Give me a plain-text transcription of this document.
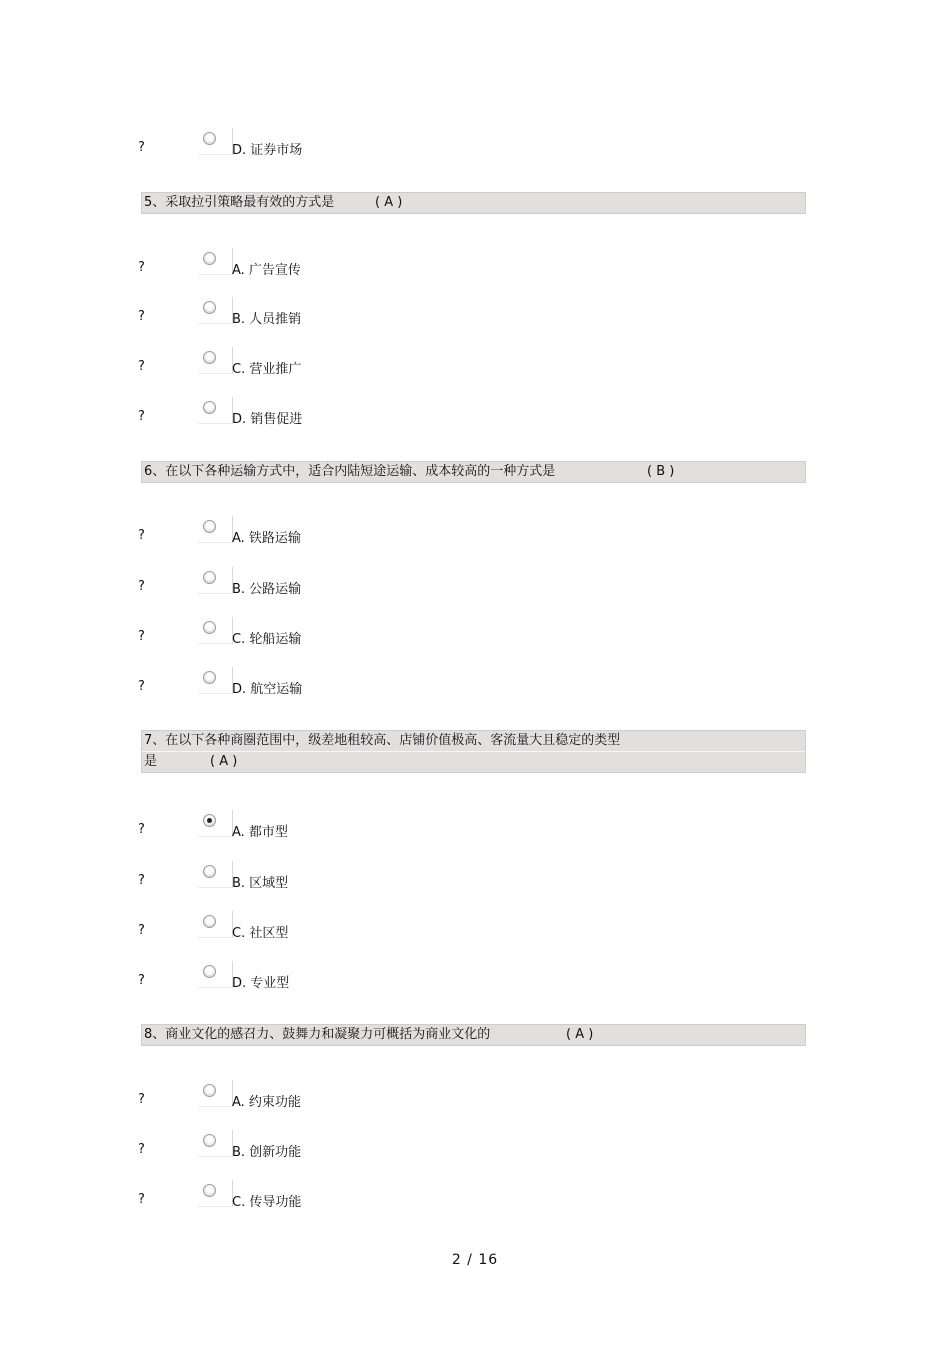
?	D. 证券市场
5、采取拉引策略最有效的方式是	( A )
?	A. 广告宣传
?	B. 人员推销
?	C. 营业推广
?	D. 销售促进
6、在以下各种运输方式中，适合内陆短途运输、成本较高的一种方式是	( B )
?	A. 铁路运输
?	B. 公路运输
?	C. 轮船运输
?	D. 航空运输
7、在以下各种商圈范围中，级差地租较高、店铺价值极高、客流量大且稳定的类型
是	( A )
?	A. 都市型
?	B. 区域型
?	C. 社区型
?	D. 专业型
8、商业文化的感召力、鼓舞力和凝聚力可概括为商业文化的	( A )
?	A. 约束功能
?	B. 创新功能
?	C. 传导功能
2 / 16
